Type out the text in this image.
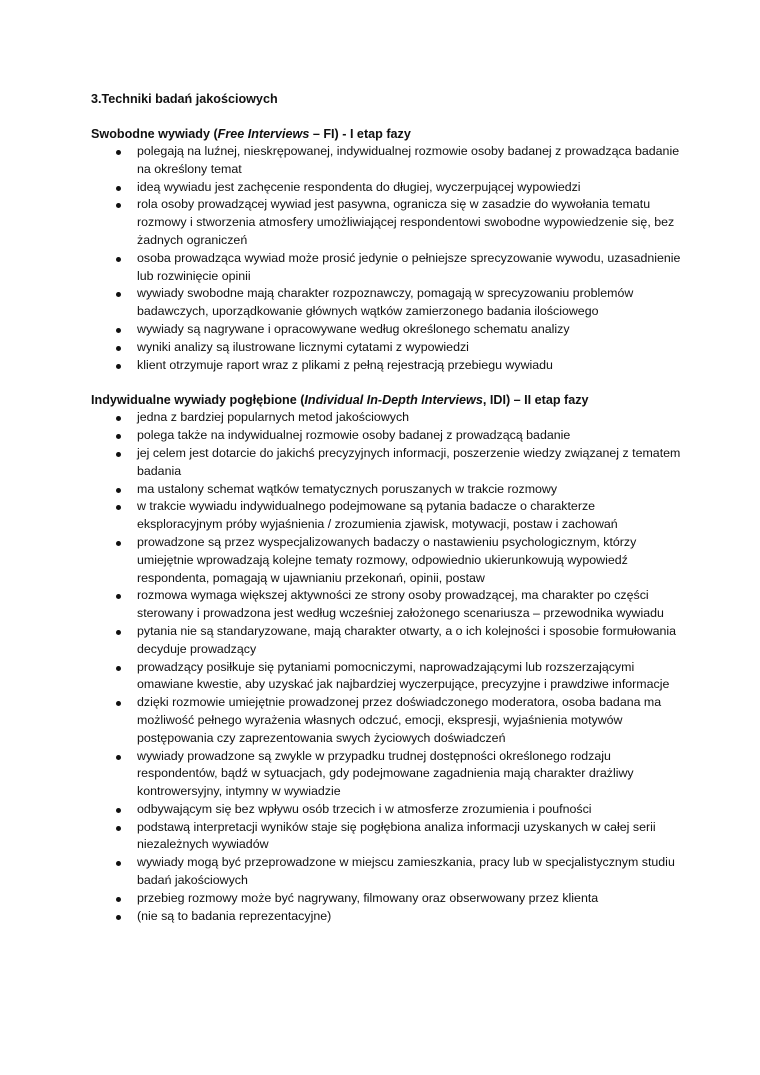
3.Techniki badań jakościowych
Swobodne wywiady (Free Interviews – FI) - I etap fazy
polegają na luźnej, nieskrępowanej, indywidualnej rozmowie osoby badanej z prowadząca badanie na określony temat
ideą wywiadu jest zachęcenie respondenta do długiej, wyczerpującej wypowiedzi
rola osoby prowadzącej wywiad jest pasywna, ogranicza się w zasadzie do wywołania tematu rozmowy i stworzenia atmosfery umożliwiającej respondentowi swobodne wypowiedzenie się, bez żadnych ograniczeń
osoba prowadząca wywiad może prosić jedynie o pełniejsze sprecyzowanie wywodu, uzasadnienie lub rozwinięcie opinii
wywiady swobodne mają charakter rozpoznawczy, pomagają w sprecyzowaniu problemów badawczych, uporządkowanie głównych wątków zamierzonego badania ilościowego
wywiady są nagrywane i opracowywane według określonego schematu analizy
wyniki analizy są ilustrowane licznymi cytatami z wypowiedzi
klient otrzymuje raport wraz z plikami z pełną rejestracją przebiegu wywiadu
Indywidualne wywiady pogłębione (Individual In-Depth Interviews, IDI) – II etap fazy
jedna z bardziej popularnych metod jakościowych
polega także na indywidualnej rozmowie osoby badanej z prowadzącą badanie
jej celem jest dotarcie do jakichś precyzyjnych informacji, poszerzenie wiedzy związanej z tematem badania
ma ustalony schemat wątków tematycznych poruszanych w trakcie rozmowy
w trakcie wywiadu indywidualnego podejmowane są pytania badacze o charakterze eksploracyjnym próby wyjaśnienia / zrozumienia zjawisk, motywacji, postaw i zachowań
prowadzone są przez wyspecjalizowanych badaczy o nastawieniu psychologicznym, którzy umiejętnie wprowadzają kolejne tematy rozmowy, odpowiednio ukierunkowują wypowiedź respondenta, pomagają w ujawnianiu przekonań, opinii, postaw
rozmowa wymaga większej aktywności ze strony osoby prowadzącej, ma charakter po części sterowany i prowadzona jest według wcześniej założonego scenariusza – przewodnika wywiadu
pytania nie są standaryzowane, mają charakter otwarty, a o ich kolejności i sposobie formułowania decyduje prowadzący
prowadzący posiłkuje się pytaniami pomocniczymi, naprowadzającymi lub rozszerzającymi omawiane kwestie, aby uzyskać jak najbardziej wyczerpujące, precyzyjne i prawdziwe informacje
dzięki rozmowie umiejętnie prowadzonej przez doświadczonego moderatora, osoba badana ma możliwość pełnego wyrażenia własnych odczuć, emocji, ekspresji, wyjaśnienia motywów postępowania czy zaprezentowania swych życiowych doświadczeń
wywiady prowadzone są zwykle w przypadku trudnej dostępności określonego rodzaju respondentów, bądź w sytuacjach, gdy podejmowane zagadnienia mają charakter drażliwy kontrowersyjny, intymny w wywiadzie
odbywającym się bez wpływu osób trzecich i w atmosferze zrozumienia i poufności
podstawą interpretacji wyników staje się pogłębiona analiza informacji uzyskanych w całej serii niezależnych wywiadów
wywiady mogą być przeprowadzone w miejscu zamieszkania, pracy lub w specjalistycznym studiu badań jakościowych
przebieg rozmowy może być nagrywany, filmowany oraz obserwowany przez klienta
(nie są to badania reprezentacyjne)
